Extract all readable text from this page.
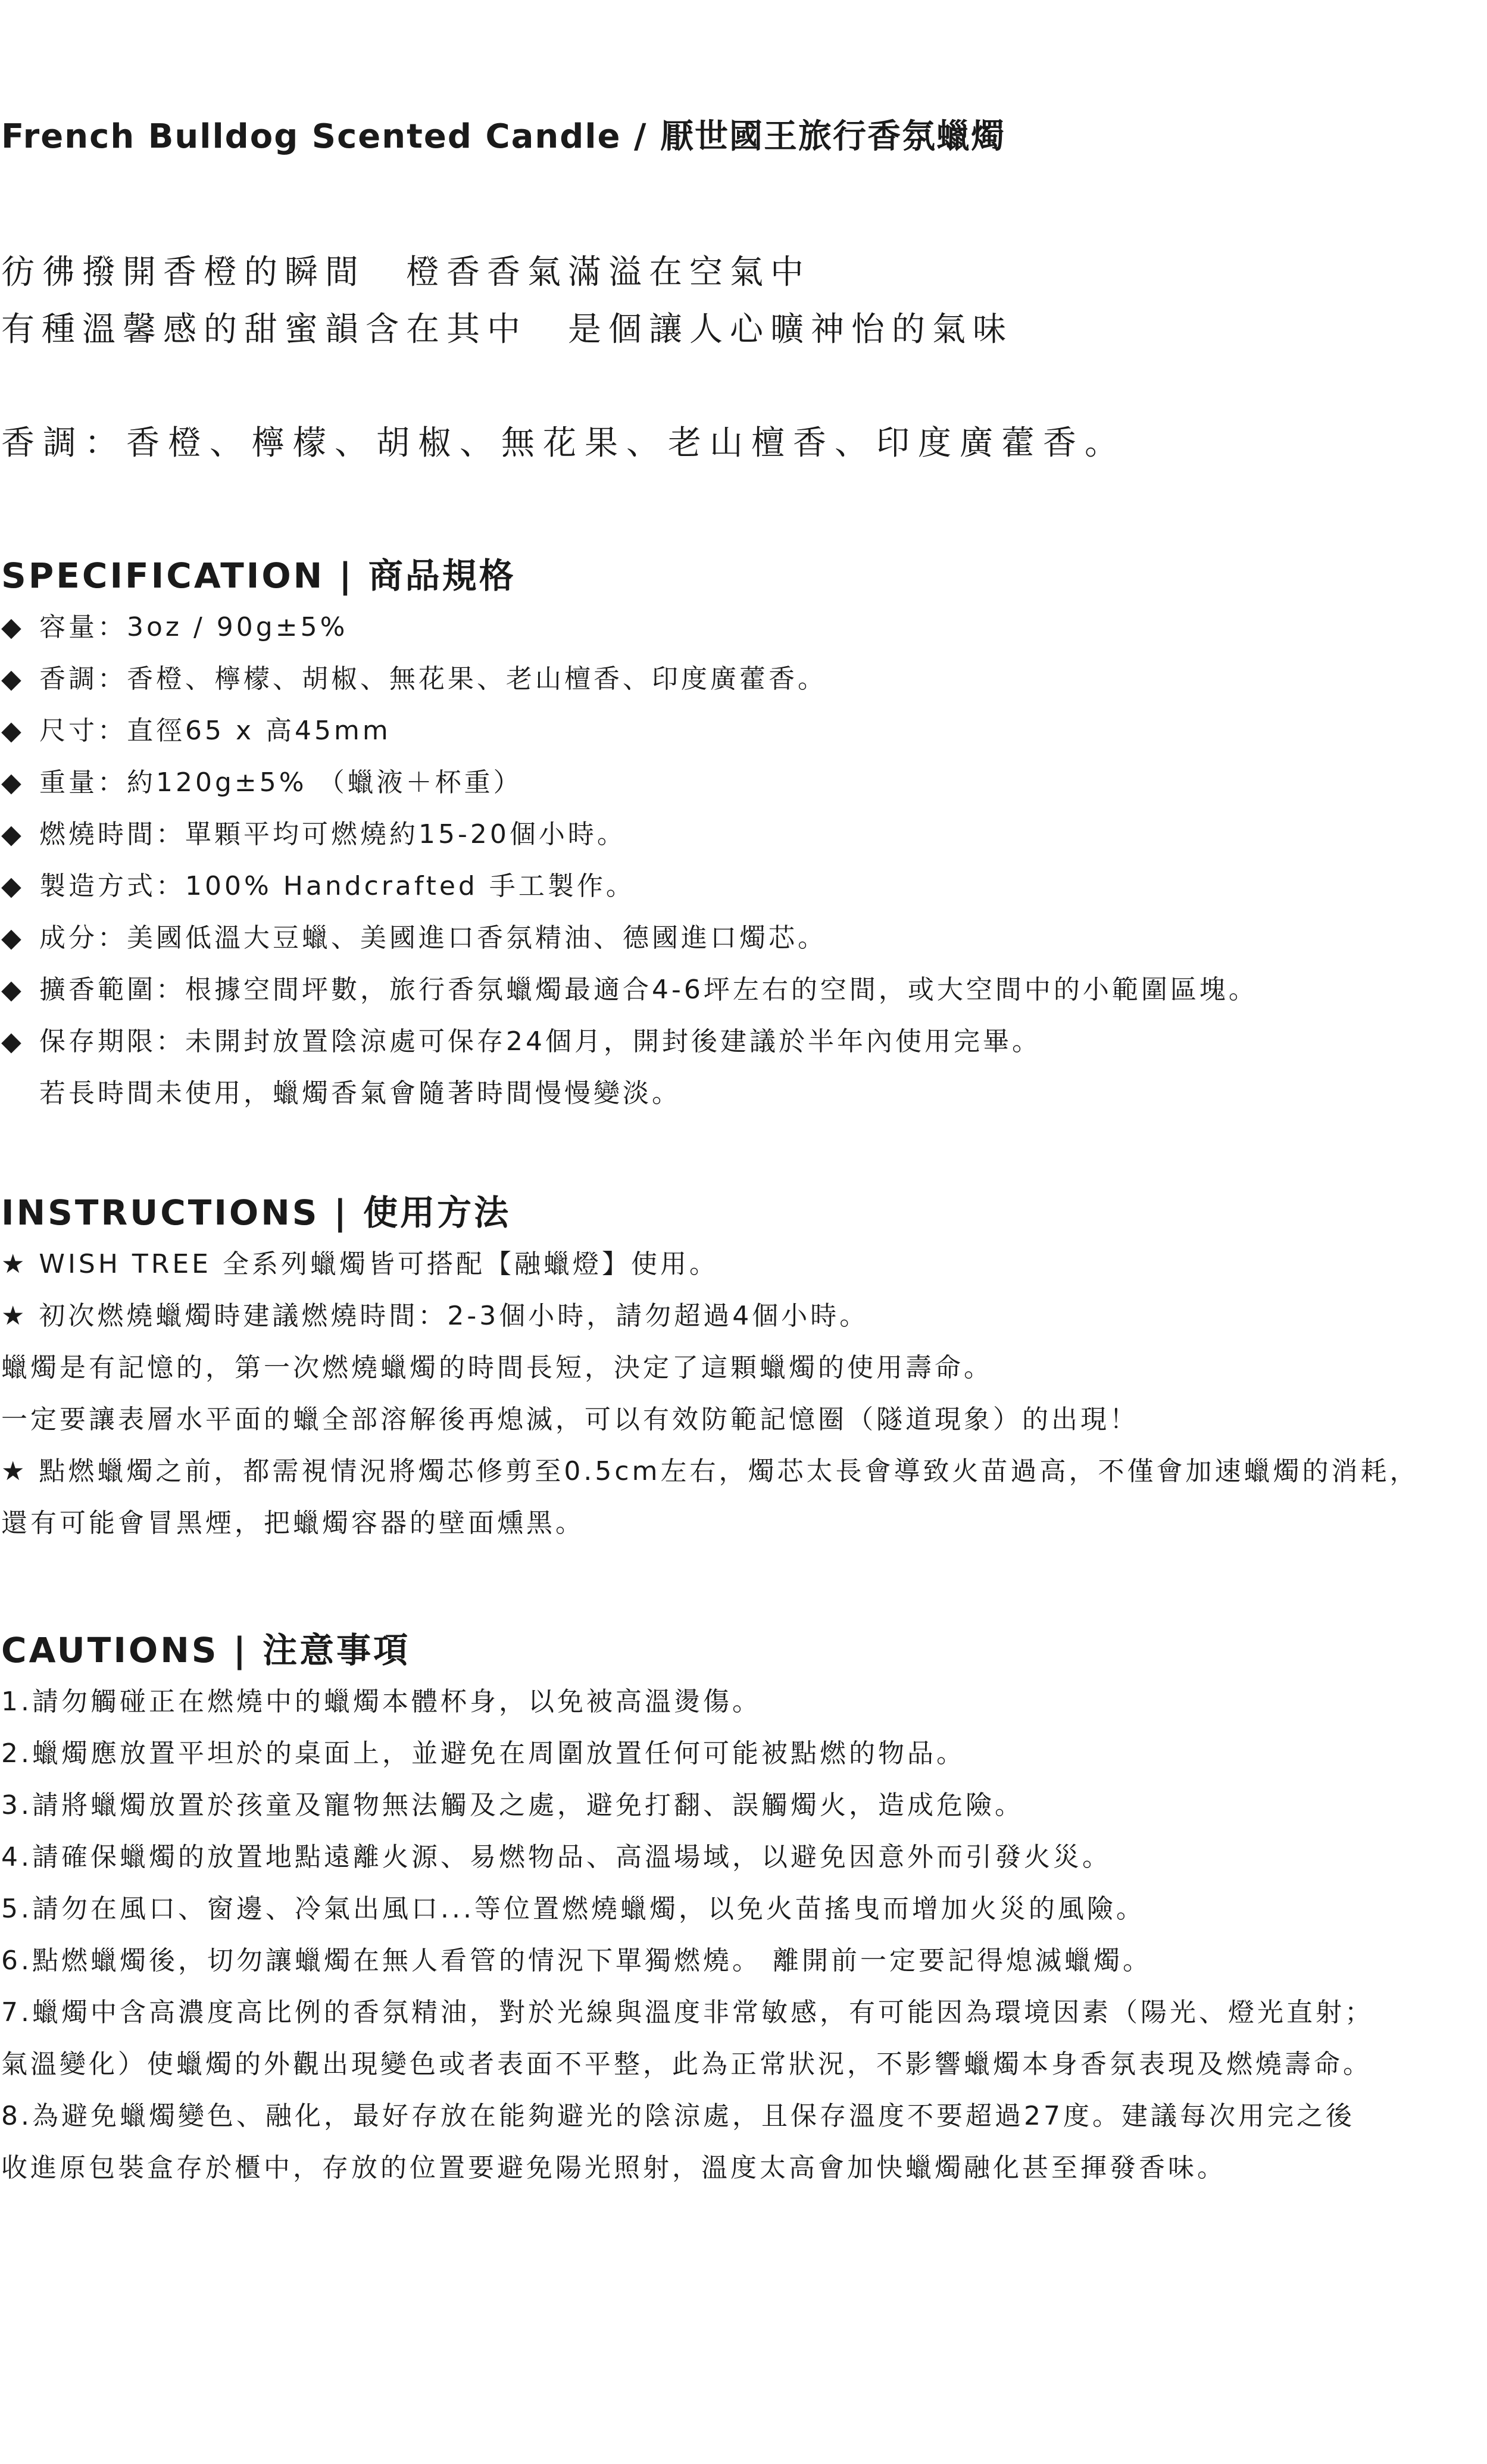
French Bulldog Scented Candle / 厭世國王旅行香氛蠟燭
彷彿撥開香橙的瞬間　橙香香氣滿溢在空氣中
有種溫馨感的甜蜜韻含在其中　是個讓人心曠神怡的氣味
香調：香橙、檸檬、胡椒、無花果、老山檀香、印度廣藿香。
SPECIFICATION | 商品規格
◆ 容量：3oz / 90g±5%
◆ 香調：香橙、檸檬、胡椒、無花果、老山檀香、印度廣藿香。
◆ 尺寸：直徑65 x 高45mm
◆ 重量：約120g±5% （蠟液＋杯重）
◆ 燃燒時間：單顆平均可燃燒約15-20個小時。
◆ 製造方式：100% Handcrafted 手工製作。
◆ 成分：美國低溫大豆蠟、美國進口香氛精油、德國進口燭芯。
◆ 擴香範圍：根據空間坪數，旅行香氛蠟燭最適合4-6坪左右的空間，或大空間中的小範圍區塊。
◆ 保存期限：未開封放置陰涼處可保存24個月，開封後建議於半年內使用完畢。
若長時間未使用，蠟燭香氣會隨著時間慢慢變淡。
INSTRUCTIONS | 使用方法
★ WISH TREE 全系列蠟燭皆可搭配【融蠟燈】使用。
★ 初次燃燒蠟燭時建議燃燒時間：2-3個小時，請勿超過4個小時。
蠟燭是有記憶的，第一次燃燒蠟燭的時間長短，決定了這顆蠟燭的使用壽命。
一定要讓表層水平面的蠟全部溶解後再熄滅，可以有效防範記憶圈（隧道現象）的出現！
★ 點燃蠟燭之前，都需視情況將燭芯修剪至0.5cm左右，燭芯太長會導致火苗過高，不僅會加速蠟燭的消耗，
還有可能會冒黑煙，把蠟燭容器的壁面燻黑。
CAUTIONS | 注意事項
1.請勿觸碰正在燃燒中的蠟燭本體杯身，以免被高溫燙傷。
2.蠟燭應放置平坦於的桌面上，並避免在周圍放置任何可能被點燃的物品。
3.請將蠟燭放置於孩童及寵物無法觸及之處，避免打翻、誤觸燭火，造成危險。
4.請確保蠟燭的放置地點遠離火源、易燃物品、高溫場域，以避免因意外而引發火災。
5.請勿在風口、窗邊、冷氣出風口...等位置燃燒蠟燭，以免火苗搖曳而增加火災的風險。
6.點燃蠟燭後，切勿讓蠟燭在無人看管的情況下單獨燃燒。 離開前一定要記得熄滅蠟燭。
7.蠟燭中含高濃度高比例的香氛精油，對於光線與溫度非常敏感，有可能因為環境因素（陽光、燈光直射；
氣溫變化）使蠟燭的外觀出現變色或者表面不平整，此為正常狀況，不影響蠟燭本身香氛表現及燃燒壽命。
8.為避免蠟燭變色、融化，最好存放在能夠避光的陰涼處，且保存溫度不要超過27度。建議每次用完之後
收進原包裝盒存於櫃中，存放的位置要避免陽光照射，溫度太高會加快蠟燭融化甚至揮發香味。
